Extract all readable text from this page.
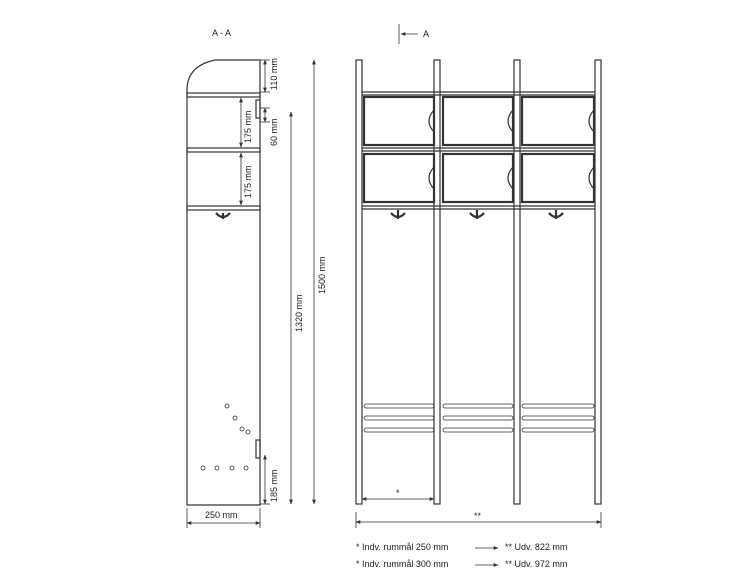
A - A
110 mm
60 mm
175 mm
175 mm
185 mm
1320 mm
1500 mm
250 mm
A
*
**
* Indv. rummål 250 mm	** Udv. 822 mm
* Indv. rummål 300 mm	** Udv. 972 mm
